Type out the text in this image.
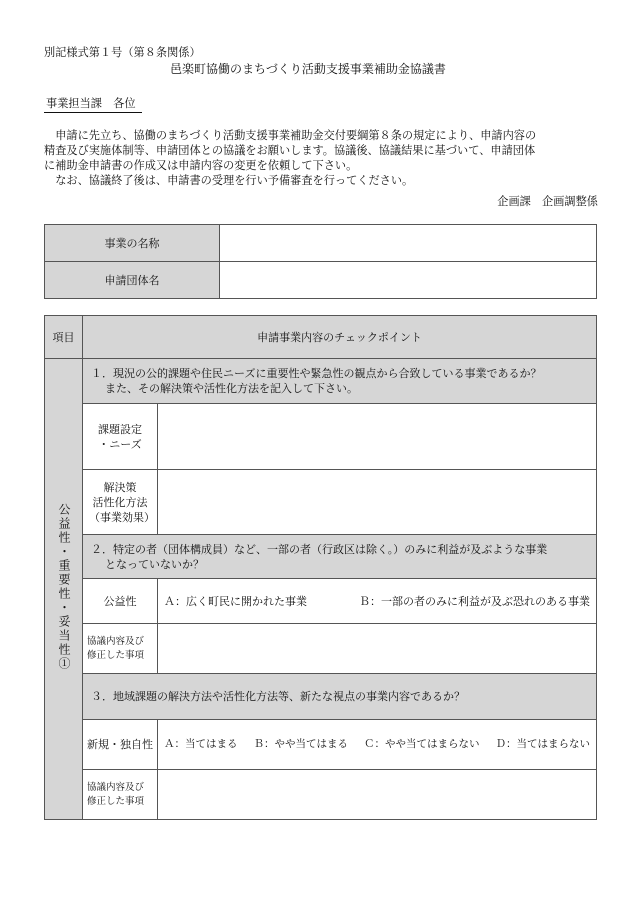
別記様式第１号（第８条関係）
邑楽町協働のまちづくり活動支援事業補助金協議書
事業担当課　各位

　申請に先立ち、協働のまちづくり活動支援事業補助金交付要綱第８条の規定により、申請内容の

精査及び実施体制等、申請団体との協議をお願いします。協議後、協議結果に基づいて、申請団体

に補助金申請書の作成又は申請内容の変更を依頼して下さい。

　なお、協議終了後は、申請書の受理を行い予備審査を行ってください。

企画課　企画調整係
事業の名称	
申請団体名	
項目	申請事業内容のチェックポイント	
公益性・重要性・妥当性①	１．現況の公的課題や住民ニーズに重要性や緊急性の観点から合致している事業であるか？
また、その解決策や活性化方法を記入して下さい。	

	課題設定
・ニーズ	

	解決策
活性化方法
（事業効果）	

	２．特定の者（団体構成員）など、一部の者（行政区は除く。）のみに利益が及ぶような事業
となっていないか？	

	公益性	Ａ：広く町民に開かれた事業 Ｂ：一部の者のみに利益が及ぶ恐れのある事業

	協議内容及び
修正した事項	

	３．地域課題の解決方法や活性化方法等、新たな視点の事業内容であるか？	
	新規・独自性	Ａ：当てはまる Ｂ：やや当てはまる Ｃ：やや当てはまらない Ｄ：当てはまらない

	協議内容及び
修正した事項	
